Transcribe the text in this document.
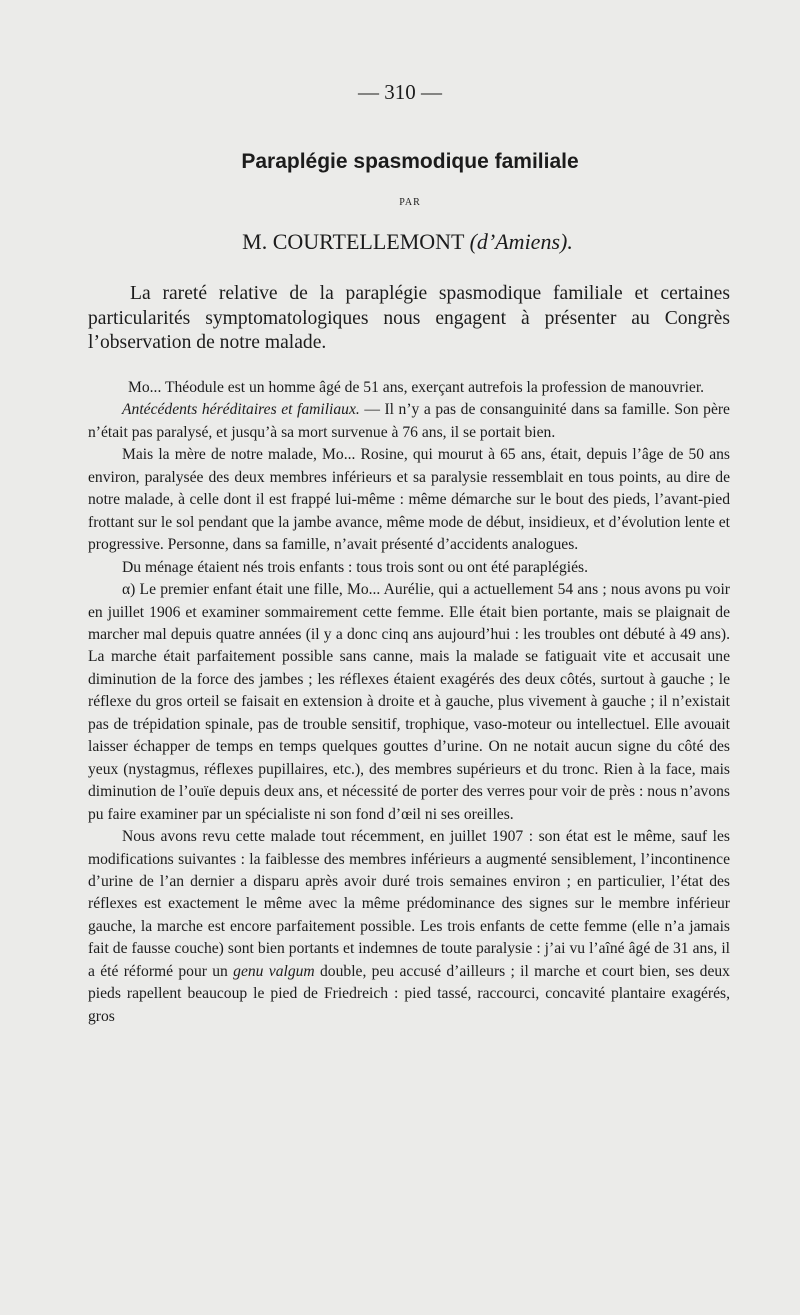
— 310 —
Paraplégie spasmodique familiale
PAR
M. COURTELLEMONT (d’Amiens).
La rareté relative de la paraplégie spasmodique familiale et certaines particularités symptomatologiques nous engagent à présenter au Congrès l’observation de notre malade.

Mo... Théodule est un homme âgé de 51 ans, exerçant autrefois la profession de manouvrier.

Antécédents héréditaires et familiaux. — Il n’y a pas de consanguinité dans sa famille. Son père n’était pas paralysé, et jusqu’à sa mort survenue à 76 ans, il se portait bien.

Mais la mère de notre malade, Mo... Rosine, qui mourut à 65 ans, était, depuis l’âge de 50 ans environ, paralysée des deux membres inférieurs et sa paralysie ressemblait en tous points, au dire de notre malade, à celle dont il est frappé lui-même : même démarche sur le bout des pieds, l’avant-pied frottant sur le sol pendant que la jambe avance, même mode de début, insidieux, et d’évolution lente et progressive. Personne, dans sa famille, n’avait présenté d’accidents analogues.

Du ménage étaient nés trois enfants : tous trois sont ou ont été paraplégiés.

α) Le premier enfant était une fille, Mo... Aurélie, qui a actuellement 54 ans ; nous avons pu voir en juillet 1906 et examiner sommairement cette femme. Elle était bien portante, mais se plaignait de marcher mal depuis quatre années (il y a donc cinq ans aujourd’hui : les troubles ont débuté à 49 ans). La marche était parfaitement possible sans canne, mais la malade se fatiguait vite et accusait une diminution de la force des jambes ; les réflexes étaient exagérés des deux côtés, surtout à gauche ; le réflexe du gros orteil se faisait en extension à droite et à gauche, plus vivement à gauche ; il n’existait pas de trépidation spinale, pas de trouble sensitif, trophique, vaso-moteur ou intellectuel. Elle avouait laisser échapper de temps en temps quelques gouttes d’urine. On ne notait aucun signe du côté des yeux (nystagmus, réflexes pupillaires, etc.), des membres supérieurs et du tronc. Rien à la face, mais diminution de l’ouïe depuis deux ans, et nécessité de porter des verres pour voir de près : nous n’avons pu faire examiner par un spécialiste ni son fond d’œil ni ses oreilles.

Nous avons revu cette malade tout récemment, en juillet 1907 : son état est le même, sauf les modifications suivantes : la faiblesse des membres inférieurs a augmenté sensiblement, l’incontinence d’urine de l’an dernier a disparu après avoir duré trois semaines environ ; en particulier, l’état des réflexes est exactement le même avec la même prédominance des signes sur le membre inférieur gauche, la marche est encore parfaitement possible. Les trois enfants de cette femme (elle n’a jamais fait de fausse couche) sont bien portants et indemnes de toute paralysie : j’ai vu l’aîné âgé de 31 ans, il a été réformé pour un genu valgum double, peu accusé d’ailleurs ; il marche et court bien, ses deux pieds rapellent beaucoup le pied de Friedreich : pied tassé, raccourci, concavité plantaire exagérés, gros
